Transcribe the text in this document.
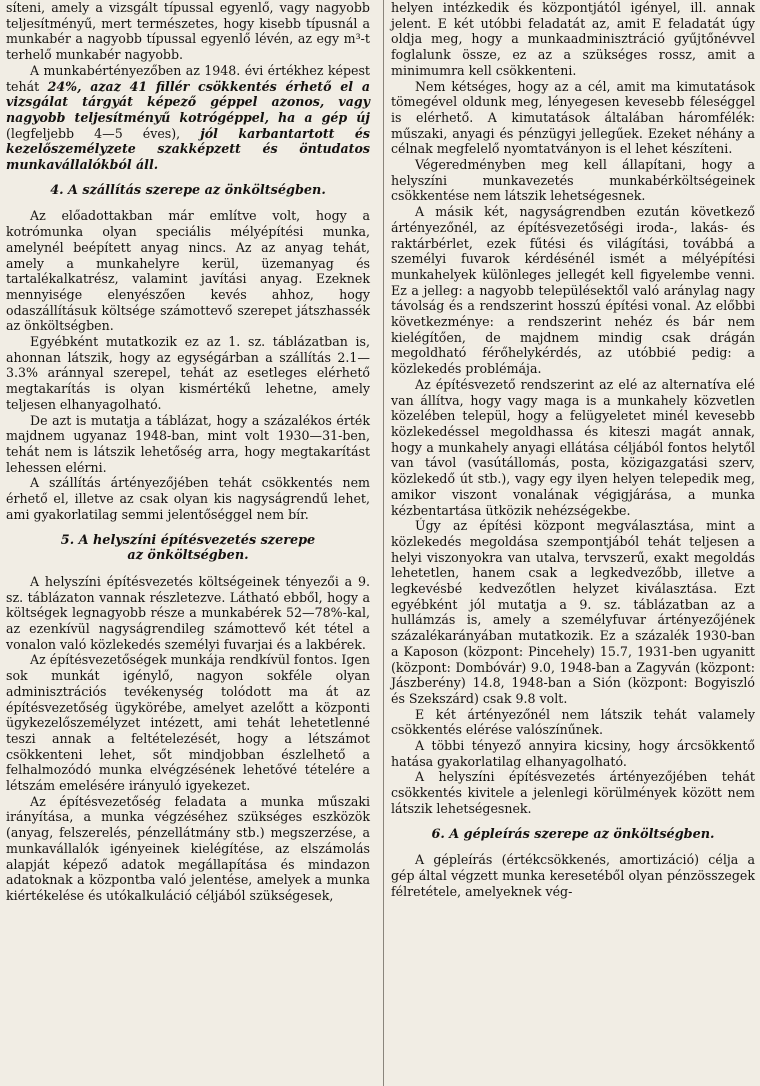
síteni, amely a vizsgált típussal egyenlő, vagy nagyobb teljesítményű, mert természetes, hogy kisebb típusnál a munkabér a nagyobb típussal egyenlő lévén, az egy m³-t terhelő munkabér nagyobb.

A munkabértényezőben az 1948. évi értékhez képest tehát 24%, azaz 41 fillér csökkentés érhető el a vizsgálat tárgyát képező géppel azonos, vagy nagyobb teljesítményű kotrógéppel, ha a gép új (legfeljebb 4—5 éves), jól karbantartott és kezelőszemélyzete szakképzett és öntudatos munkavállalókból áll.

4. A szállítás szerepe az önköltségben.

Az előadottakban már említve volt, hogy a kotrómunka olyan speciális mélyépítési munka, amelynél beépített anyag nincs. Az az anyag tehát, amely a munkahelyre kerül, üzemanyag és tartalékalkatrész, valamint javítási anyag. Ezeknek mennyisége elenyészően kevés ahhoz, hogy odaszállításuk költsége számottevő szerepet játszhassék az önköltségben.

Egyébként mutatkozik ez az 1. sz. táblázatban is, ahonnan látszik, hogy az egységárban a szállítás 2.1—3.3% aránnyal szerepel, tehát az esetleges elérhető megtakarítás is olyan kismértékű lehetne, amely teljesen elhanyagolható.

De azt is mutatja a táblázat, hogy a százalékos érték majdnem ugyanaz 1948-ban, mint volt 1930—31-ben, tehát nem is látszik lehetőség arra, hogy megtakarítást lehessen elérni.

A szállítás ártényezőjében tehát csökkentés nem érhető el, illetve az csak olyan kis nagyságrendű lehet, ami gyakorlatilag semmi jelentőséggel nem bír.

5. A helyszíni építésvezetés szerepe
az önköltségben.

A helyszíni építésvezetés költségeinek tényezői a 9. sz. táblázaton vannak részletezve. Látható ebből, hogy a költségek legnagyobb része a munkabérek 52—78%-kal, az ezenkívül nagyságrendileg számottevő két tétel a vonalon való közlekedés személyi fuvarjai és a lakbérek.

Az építésvezetőségek munkája rendkívül fontos. Igen sok munkát igénylő, nagyon sokféle olyan adminisztrációs tevékenység tolódott ma át az építésvezetőség ügykörébe, amelyet azelőtt a központi ügykezelőszemélyzet intézett, ami tehát lehetetlenné teszi annak a feltételezését, hogy a létszámot csökkenteni lehet, sőt mindjobban észlelhető a felhalmozódó munka elvégzésének lehetővé tételére a létszám emelésére irányuló igyekezet.

Az építésvezetőség feladata a munka műszaki irányítása, a munka végzéséhez szükséges eszközök (anyag, felszerelés, pénzellátmány stb.) megszerzése, a munkavállalók igényeinek kielégítése, az elszámolás alapját képező adatok megállapítása és mindazon adatoknak a központba való jelentése, amelyek a munka kiértékelése és utókalkuláció céljából szükségesek,

helyen intézkedik és központjától igényel, ill. annak jelent. E két utóbbi feladatát az, amit E feladatát úgy oldja meg, hogy a munkaadminisztráció gyűjtőnévvel foglalunk össze, ez az a szükséges rossz, amit a minimumra kell csökkenteni.

Nem kétséges, hogy az a cél, amit ma kimutatások tömegével oldunk meg, lényegesen kevesebb féleséggel is elérhető. A kimutatások általában háromfélék: műszaki, anyagi és pénzügyi jellegűek. Ezeket néhány a célnak megfelelő nyomtatványon is el lehet készíteni.

Végeredményben meg kell állapítani, hogy a helyszíni munkavezetés munkabérköltségeinek csökkentése nem látszik lehetségesnek.

A másik két, nagyságrendben ezután következő ártényezőnél, az építésvezetőségi iroda-, lakás- és raktárbérlet, ezek fűtési és világítási, továbbá a személyi fuvarok kérdésénél ismét a mélyépítési munkahelyek különleges jellegét kell figyelembe venni. Ez a jelleg: a nagyobb településektől való aránylag nagy távolság és a rendszerint hosszú építési vonal. Az előbbi következménye: a rendszerint nehéz és bár nem kielégítően, de majdnem mindig csak drágán megoldható férőhelykérdés, az utóbbié pedig: a közlekedés problémája.

Az építésvezető rendszerint az elé az alternatíva elé van állítva, hogy vagy maga is a munkahely közvetlen közelében települ, hogy a felügyeletet minél kevesebb közlekedéssel megoldhassa és kiteszi magát annak, hogy a munkahely anyagi ellátása céljából fontos helytől van távol (vasútállomás, posta, közigazgatási szerv, közlekedő út stb.), vagy egy ilyen helyen telepedik meg, amikor viszont vonalának végigjárása, a munka kézbentartása ütközik nehézségekbe.

Úgy az építési központ megválasztása, mint a közlekedés megoldása szempontjából tehát teljesen a helyi viszonyokra van utalva, tervszerű, exakt megoldás lehetetlen, hanem csak a legkedvezőbb, illetve a legkevésbé kedvezőtlen helyzet kiválasztása. Ezt egyébként jól mutatja a 9. sz. táblázatban az a hullámzás is, amely a személyfuvar ártényezőjének százalékarányában mutatkozik. Ez a százalék 1930-ban a Kaposon (központ: Pincehely) 15.7, 1931-ben ugyanitt (központ: Dombóvár) 9.0, 1948-ban a Zagyván (központ: Jászberény) 14.8, 1948-ban a Sión (központ: Bogyiszló és Szekszárd) csak 9.8 volt.

E két ártényezőnél nem látszik tehát valamely csökkentés elérése valószínűnek.

A többi tényező annyira kicsiny, hogy árcsökkentő hatása gyakorlatilag elhanyagolható.

A helyszíni építésvezetés ártényezőjében tehát csökkentés kivitele a jelenlegi körülmények között nem látszik lehetségesnek.

6. A gépleírás szerepe az önköltségben.

A gépleírás (értékcsökkenés, amortizáció) célja a gép által végzett munka keresetéből olyan pénzösszegek félretétele, amelyeknek vég-
